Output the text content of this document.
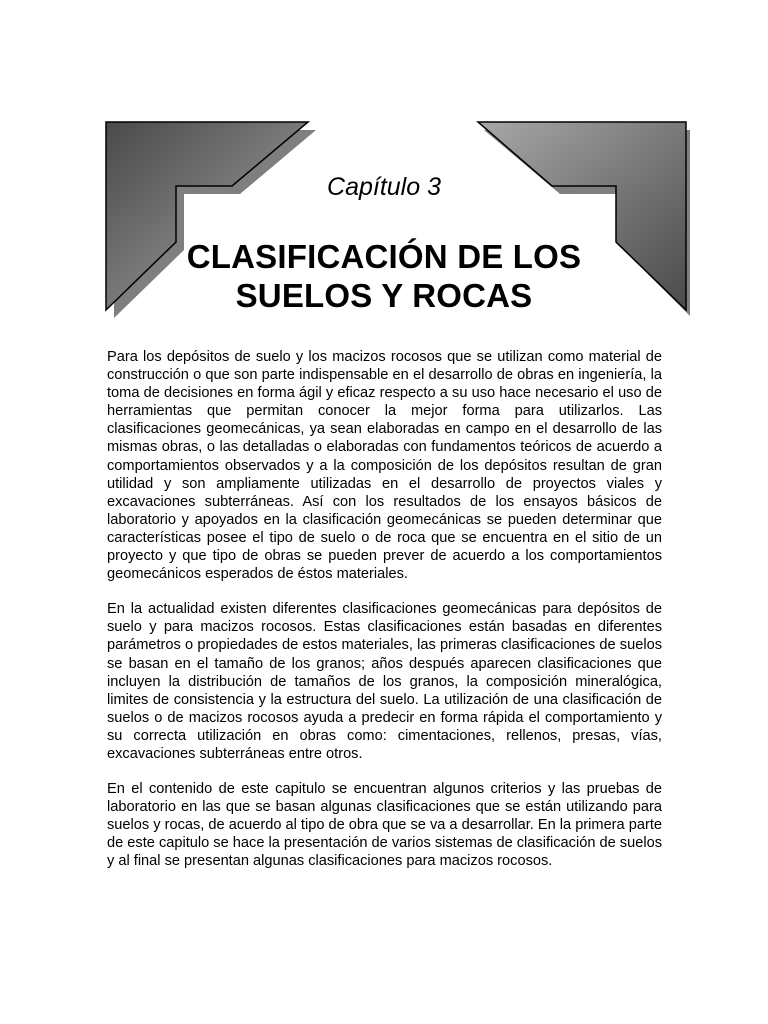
Capítulo 3
CLASIFICACIÓN DE LOS
SUELOS Y ROCAS

Para los depósitos de suelo y los macizos rocosos que se utilizan como material de construcción o que son parte indispensable en el desarrollo de obras en ingeniería, la toma de decisiones en forma ágil y eficaz respecto a su uso hace necesario el uso de herramientas que permitan conocer la mejor forma para utilizarlos. Las clasificaciones geomecánicas, ya sean elaboradas en campo en el desarrollo de las mismas obras, o las detalladas o elaboradas con fundamentos teóricos de acuerdo a comportamientos observados y a la composición de los depósitos resultan de gran utilidad y son ampliamente utilizadas en el desarrollo de proyectos viales y excavaciones subterráneas. Así con los resultados de los ensayos básicos de laboratorio y apoyados en la clasificación geomecánicas se pueden determinar que características posee el tipo de suelo o de roca que se encuentra en el sitio de un proyecto y que tipo de obras se pueden prever de acuerdo a los comportamientos geomecánicos esperados de éstos materiales.

En la actualidad existen diferentes clasificaciones geomecánicas para depósitos de suelo y para macizos rocosos. Estas clasificaciones están basadas en diferentes parámetros o propiedades de estos materiales, las primeras clasificaciones de suelos se basan en el tamaño de los granos; años después aparecen clasificaciones que incluyen la distribución de tamaños de los granos, la composición mineralógica, limites de consistencia y la estructura del suelo. La utilización de una clasificación de suelos o de macizos rocosos ayuda a predecir en forma rápida el comportamiento y su correcta utilización en obras como: cimentaciones, rellenos, presas, vías, excavaciones subterráneas entre otros.

En el contenido de este capitulo se encuentran algunos criterios y las pruebas de laboratorio en las que se basan algunas clasificaciones que se están utilizando para suelos y rocas, de acuerdo al tipo de obra que se va a desarrollar. En la primera parte de este capitulo se hace la presentación de varios sistemas de clasificación de suelos y al final se presentan algunas clasificaciones para macizos rocosos.
